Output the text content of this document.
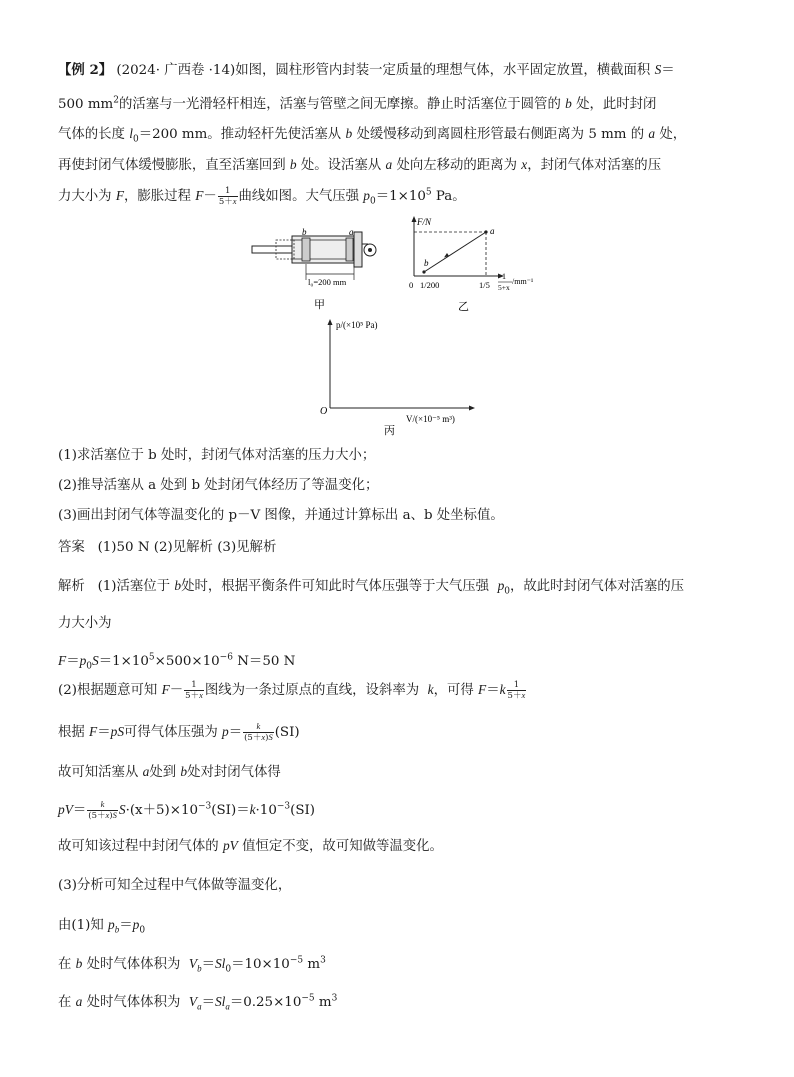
【例 2】 (2024· 广西卷 ·14)如图，圆柱形管内封装一定质量的理想气体，水平固定放置，横截面积 S＝
500 $mm^2$的活塞与一光滑轻杆相连，活塞与管壁之间无摩擦。静止时活塞位于圆管的 b 处，此时封闭
气体的长度 $l_0=200$ mm。推动轻杆先使活塞从 b 处缓慢移动到离圆柱形管最右侧距离为 5 mm 的 a 处，
再使封闭气体缓慢膨胀，直至活塞回到 b 处。设活塞从 a 处向左移动的距离为 x，封闭气体对活塞的压
力大小为 F，膨胀过程 $F- \frac{1}{5+x}$ 曲线如图。大气压强 $p_0=1\times 10^5$ Pa。
b	a
l₀=200 mm
甲
F/N
a
b
0 1/200	1/5
1
5+x
/mm⁻¹
乙
p/(×10⁵ Pa)
O
V/(×10⁻⁵ m³)
丙
(1)求活塞位于 b 处时，封闭气体对活塞的压力大小；
(2)推导活塞从 a 处到 b 处封闭气体经历了等温变化；
(3)画出封闭气体等温变化的 p－V 图像，并通过计算标出 a、b 处坐标值。
答案 (1)50 N (2)见解析 (3)见解析
解析 (1)活塞位于 b处时，根据平衡条件可知此时气体压强等于大气压强 $p_0$，故此时封闭气体对活塞的压
力大小为
$F=p_0S=1\times 10^5\times 500\times 10^{-6}$ N＝50 N
(2)根据题意可知 $F- \frac{1}{5+x}$ 图线为一条过原点的直线，设斜率为 k，可得 $F=k \frac{1}{5+x}$
根据 F＝pS可得气体压强为 $p= \frac{k}{(5+x)S} (SI)$
故可知活塞从 a处到 b处对封闭气体得
$pV= \frac{k}{(5+x)S} S\cdot(x+5)\times 10^{-3}(SI)=k\cdot 10^{-3}(SI)$
故可知该过程中封闭气体的 pV 值恒定不变，故可知做等温变化。
(3)分析可知全过程中气体做等温变化，
由(1)知 $p_b=p_0$
在 b 处时气体体积为 $V_b=Sl_0=10\times 10^{-5}$ $m^3$
在 a 处时气体体积为 $V_a=Sl_a=0.25\times 10^{-5}$ $m^3$
